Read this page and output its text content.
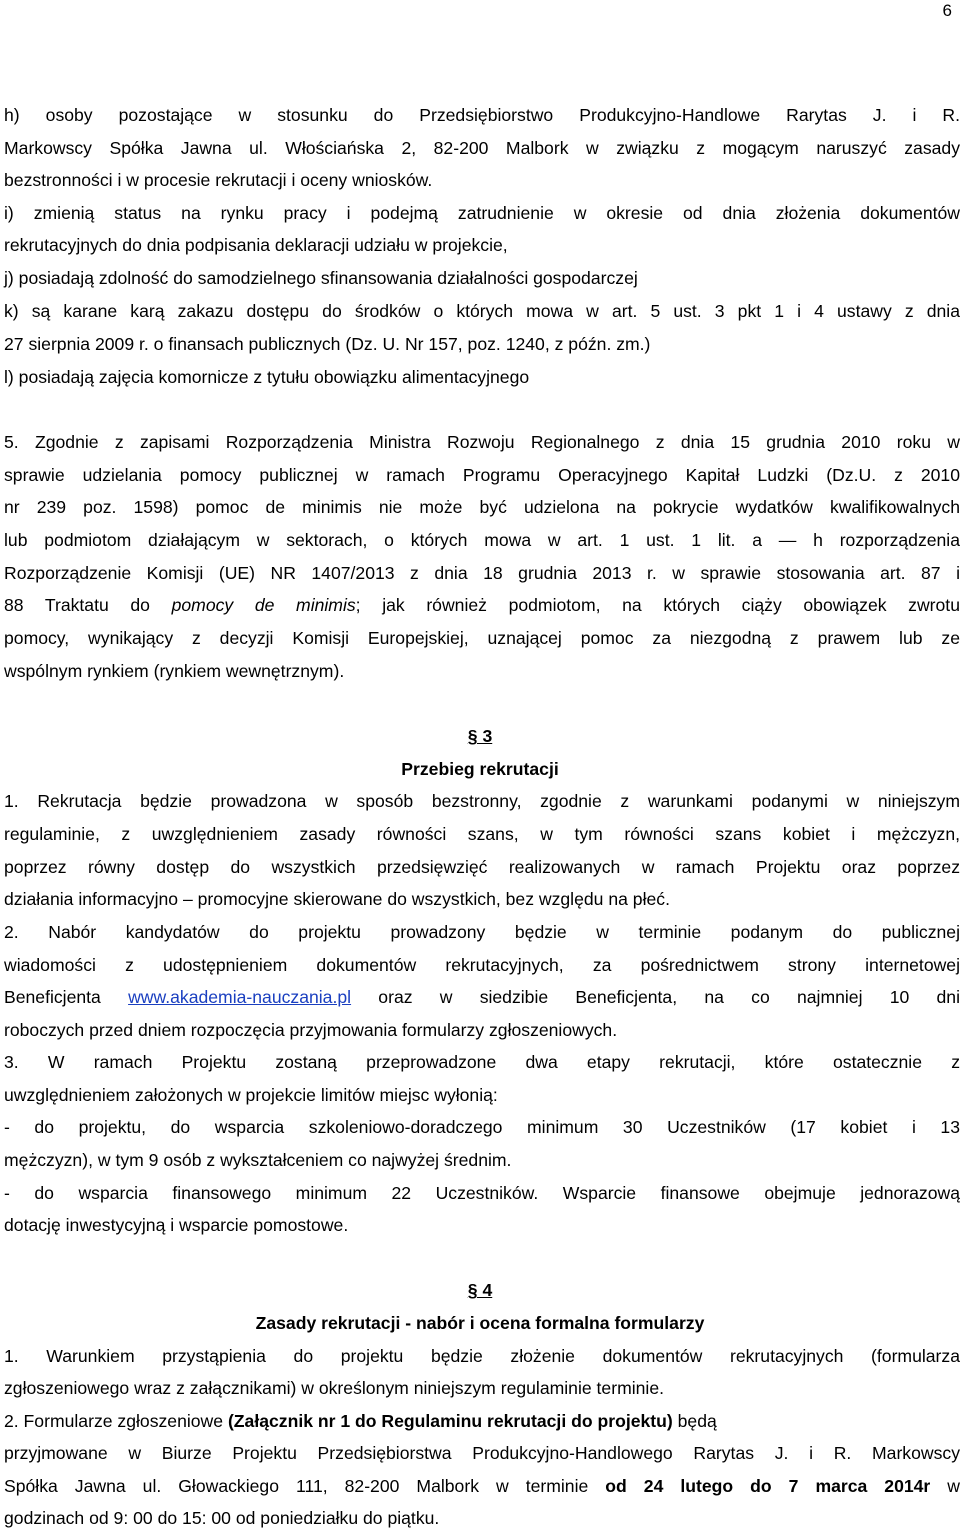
6
h) osoby pozostające w stosunku do Przedsiębiorstwo Produkcyjno-Handlowe Rarytas J. i R.
Markowscy Spółka Jawna ul. Włościańska 2, 82-200 Malbork w związku z mogącym naruszyć zasady
bezstronności i w procesie rekrutacji i oceny wniosków.
i) zmienią status na rynku pracy i podejmą zatrudnienie w okresie od dnia złożenia dokumentów
rekrutacyjnych do dnia podpisania deklaracji udziału w projekcie,
j) posiadają zdolność do samodzielnego sfinansowania działalności gospodarczej
k) są karane karą zakazu dostępu do środków o których mowa w art. 5 ust. 3 pkt 1 i 4 ustawy z dnia
27 sierpnia 2009 r. o finansach publicznych (Dz. U. Nr 157, poz. 1240, z późn. zm.)
l) posiadają zajęcia komornicze z tytułu obowiązku alimentacyjnego
5. Zgodnie z zapisami Rozporządzenia Ministra Rozwoju Regionalnego z dnia 15 grudnia 2010 roku w
sprawie udzielania pomocy publicznej w ramach Programu Operacyjnego Kapitał Ludzki (Dz.U. z 2010
nr 239 poz. 1598) pomoc de minimis nie może być udzielona na pokrycie wydatków kwalifikowalnych
lub podmiotom działającym w sektorach, o których mowa w art. 1 ust. 1 lit. a — h rozporządzenia
Rozporządzenie Komisji (UE) NR 1407/2013 z dnia 18 grudnia 2013 r. w sprawie stosowania art. 87 i
88 Traktatu do pomocy de minimis; jak również podmiotom, na których ciąży obowiązek zwrotu
pomocy, wynikający z decyzji Komisji Europejskiej, uznającej pomoc za niezgodną z prawem lub ze
wspólnym rynkiem (rynkiem wewnętrznym).
§ 3
Przebieg rekrutacji
1. Rekrutacja będzie prowadzona w sposób bezstronny, zgodnie z warunkami podanymi w niniejszym
regulaminie, z uwzględnieniem zasady równości szans, w tym równości szans kobiet i mężczyzn,
poprzez równy dostęp do wszystkich przedsięwzięć realizowanych w ramach Projektu oraz poprzez
działania informacyjno – promocyjne skierowane do wszystkich, bez względu na płeć.
2. Nabór kandydatów do projektu prowadzony będzie w terminie podanym do publicznej
wiadomości z udostępnieniem dokumentów rekrutacyjnych, za pośrednictwem strony internetowej
Beneficjenta www.akademia-nauczania.pl oraz w siedzibie Beneficjenta, na co najmniej 10 dni
roboczych przed dniem rozpoczęcia przyjmowania formularzy zgłoszeniowych.
3. W ramach Projektu zostaną przeprowadzone dwa etapy rekrutacji, które ostatecznie z
uwzględnieniem założonych w projekcie limitów miejsc wyłonią:
- do projektu, do wsparcia szkoleniowo-doradczego minimum 30 Uczestników (17 kobiet i 13
mężczyzn), w tym 9 osób z wykształceniem co najwyżej średnim.
- do wsparcia finansowego minimum 22 Uczestników. Wsparcie finansowe obejmuje jednorazową
dotację inwestycyjną i wsparcie pomostowe.
§ 4
Zasady rekrutacji - nabór i ocena formalna formularzy
1. Warunkiem przystąpienia do projektu będzie złożenie dokumentów rekrutacyjnych (formularza
zgłoszeniowego wraz z załącznikami) w określonym niniejszym regulaminie terminie.
2. Formularze zgłoszeniowe (Załącznik nr 1 do Regulaminu rekrutacji do projektu) będą
przyjmowane w Biurze Projektu Przedsiębiorstwa Produkcyjno-Handlowego Rarytas J. i R. Markowscy
Spółka Jawna ul. Głowackiego 111, 82-200 Malbork w terminie od 24 lutego do 7 marca 2014r w
godzinach od 9: 00 do 15: 00 od poniedziałku do piątku.
